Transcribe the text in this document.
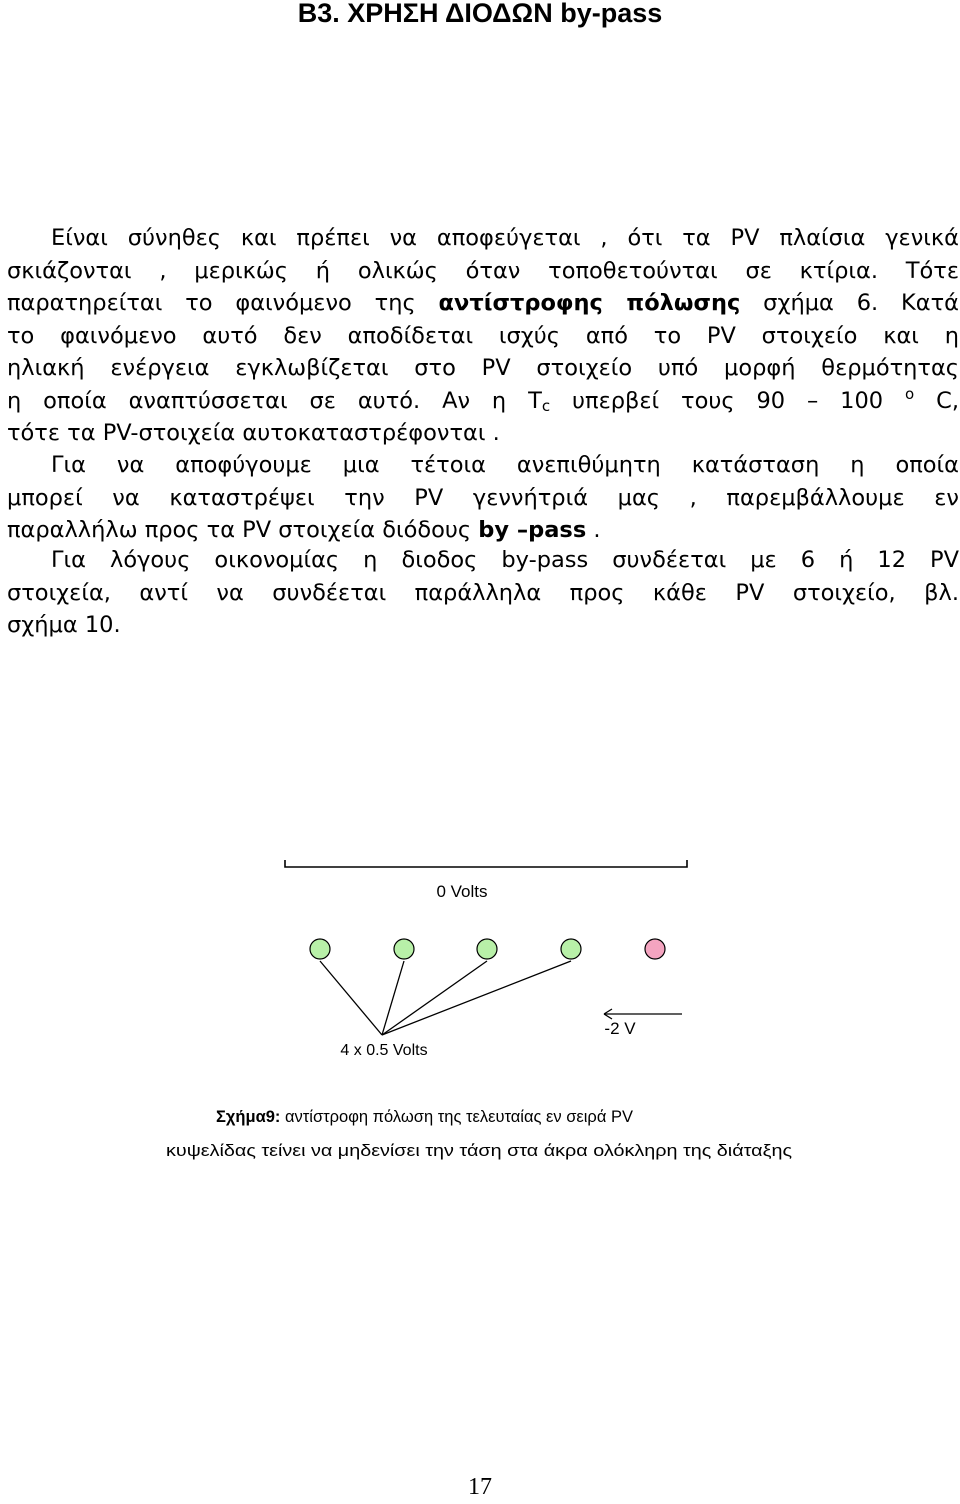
Β3. ΧΡΗΣΗ ΔΙΟΔΩΝ by-pass
Είναι σύνηθες και πρέπει να αποφεύγεται , ότι τα PV πλαίσια γενικά
σκιάζονται , μερικώς ή ολικώς όταν τοποθετούνται σε κτίρια. Τότε
παρατηρείται το φαινόμενο της αντίστροφης πόλωσης σχήμα 6. Κατά
το φαινόμενο αυτό δεν αποδίδεται ισχύς από το PV στοιχείο και η
ηλιακή ενέργεια εγκλωβίζεται στο PV στοιχείο υπό μορφή θερμότητας
η οποία αναπτύσσεται σε αυτό. Αν η $T_c$ υπερβεί τους 90 – 100 $^o$ C,
τότε τα PV-στοιχεία αυτοκαταστρέφονται .
Για να αποφύγουμε μια τέτοια ανεπιθύμητη κατάσταση η οποία
μπορεί να καταστρέψει την PV γεννήτριά μας , παρεμβάλλουμε εν
παραλλήλω προς τα PV στοιχεία διόδους by –pass .
Για λόγους οικονομίας η διοδος by-pass συνδέεται με 6 ή 12 PV
στοιχεία, αντί να συνδέεται παράλληλα προς κάθε PV στοιχείο, βλ.
σχήμα 10.
0 Volts
4 x 0.5 Volts
-2 V
Σχήμα9: αντίστροφη πόλωση της τελευταίας εν σειρά PV
κυψελίδας τείνει να μηδενίσει την τάση στα άκρα ολόκληρη της διάταξης
17
